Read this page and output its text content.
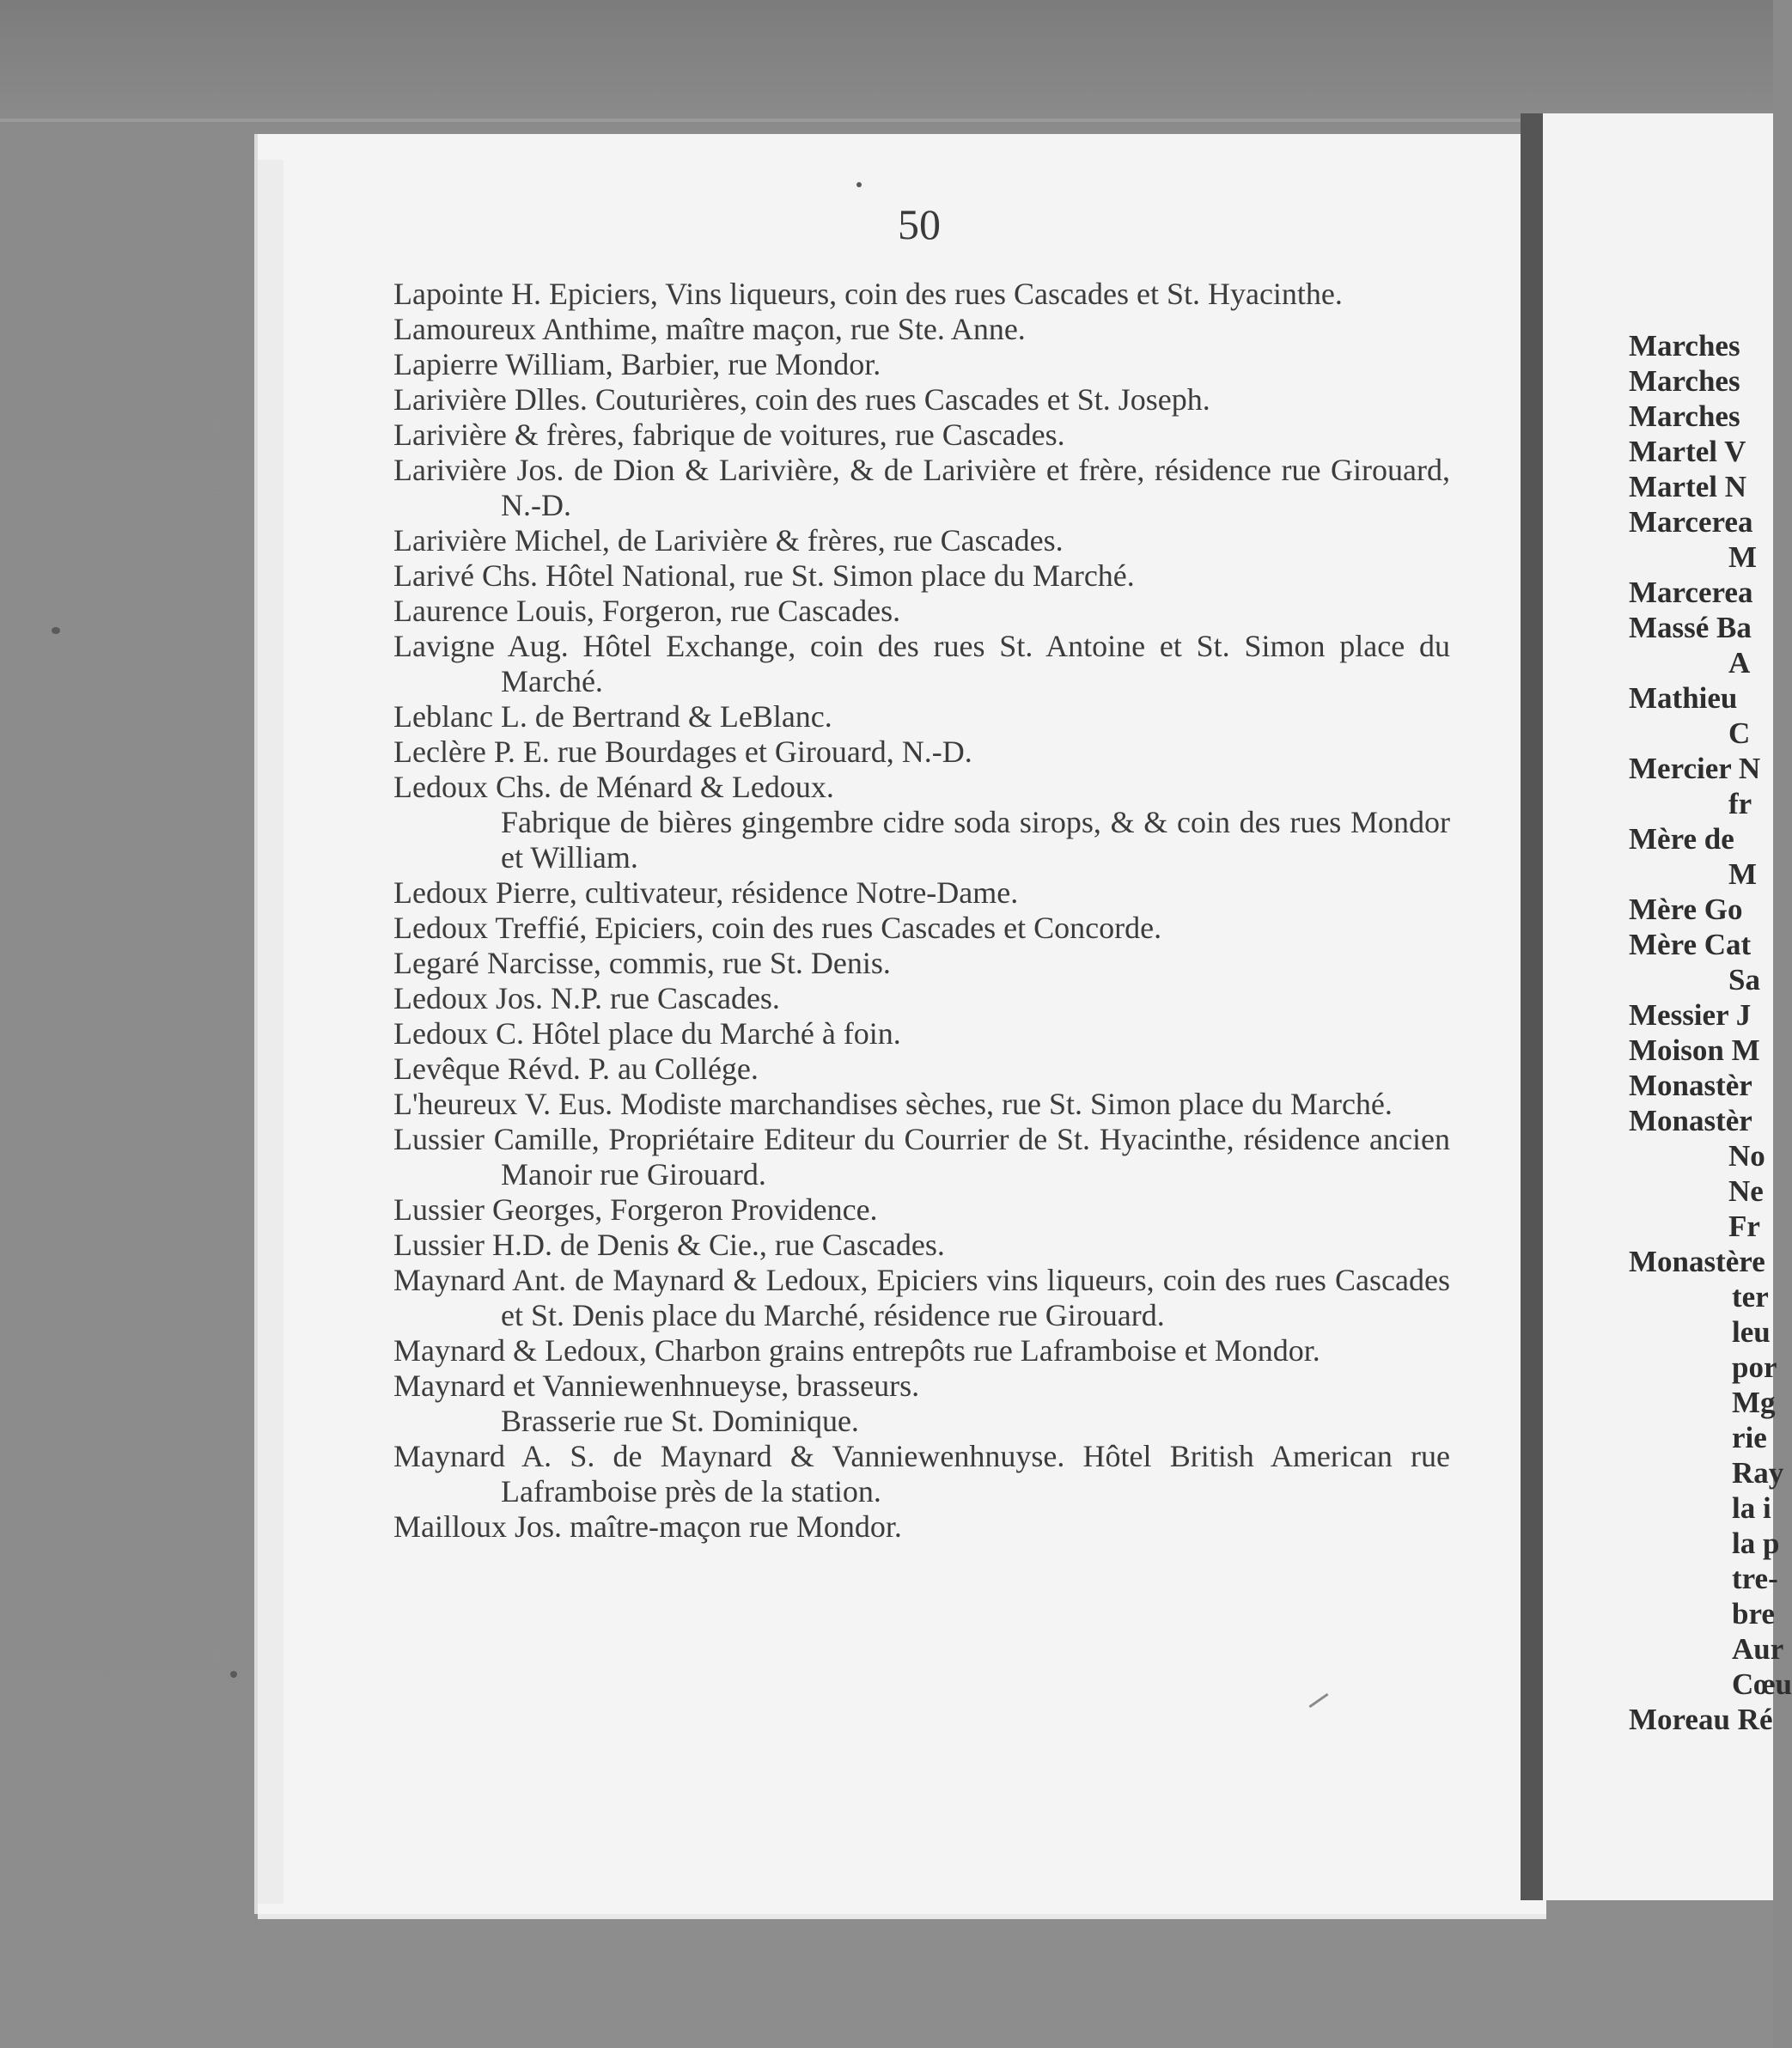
50

Lapointe H. Epiciers, Vins liqueurs, coin des rues Cascades et St. Hyacinthe.

Lamoureux Anthime, maître maçon, rue Ste. Anne.

Lapierre William, Barbier, rue Mondor.

Larivière Dlles. Couturières, coin des rues Cascades et St. Joseph.

Larivière & frères, fabrique de voitures, rue Cascades.

Larivière Jos. de Dion & Larivière, & de Larivière et frère, résidence rue Girouard, N.-D.

Larivière Michel, de Larivière & frères, rue Cascades.

Larivé Chs. Hôtel National, rue St. Simon place du Marché.

Laurence Louis, Forgeron, rue Cascades.

Lavigne Aug. Hôtel Exchange, coin des rues St. Antoine et St. Simon place du Marché.

Leblanc L. de Bertrand & LeBlanc.

Leclère P. E. rue Bourdages et Girouard, N.-D.

Ledoux Chs. de Ménard & Ledoux.

Fabrique de bières gingembre cidre soda sirops, & & coin des rues Mondor et William.

Ledoux Pierre, cultivateur, résidence Notre-Dame.

Ledoux Treffié, Epiciers, coin des rues Cascades et Concorde.

Legaré Narcisse, commis, rue St. Denis.

Ledoux Jos. N.P. rue Cascades.

Ledoux C. Hôtel place du Marché à foin.

Levêque Révd. P. au Collége.

L'heureux V. Eus. Modiste marchandises sèches, rue St. Simon place du Marché.

Lussier Camille, Propriétaire Editeur du Courrier de St. Hyacinthe, résidence ancien Manoir rue Girouard.

Lussier Georges, Forgeron Providence.

Lussier H.D. de Denis & Cie., rue Cascades.

Maynard Ant. de Maynard & Ledoux, Epiciers vins liqueurs, coin des rues Cascades et St. Denis place du Marché, résidence rue Girouard.

Maynard & Ledoux, Charbon grains entrepôts rue Laframboise et Mondor.

Maynard et Vanniewenhnueyse, brasseurs.

Brasserie rue St. Dominique.

Maynard A. S. de Maynard & Vanniewenhnuyse. Hôtel British American rue Laframboise près de la station.

Mailloux Jos. maître-maçon rue Mondor.

Marches

Marches

Marches

Martel V

Martel N

Marcerea

M

Marcerea

Massé Ba

A

Mathieu

C

Mercier N

fr

Mère de

M

Mère Go

Mère Cat

Sa

Messier J

Moison M

Monastèr

Monastèr

No

Ne

Fr

Monastère

ter

leu

por

Mg

rie

Ray

la i

la p

tre-

bre

Aur

Cœu

Moreau Ré
